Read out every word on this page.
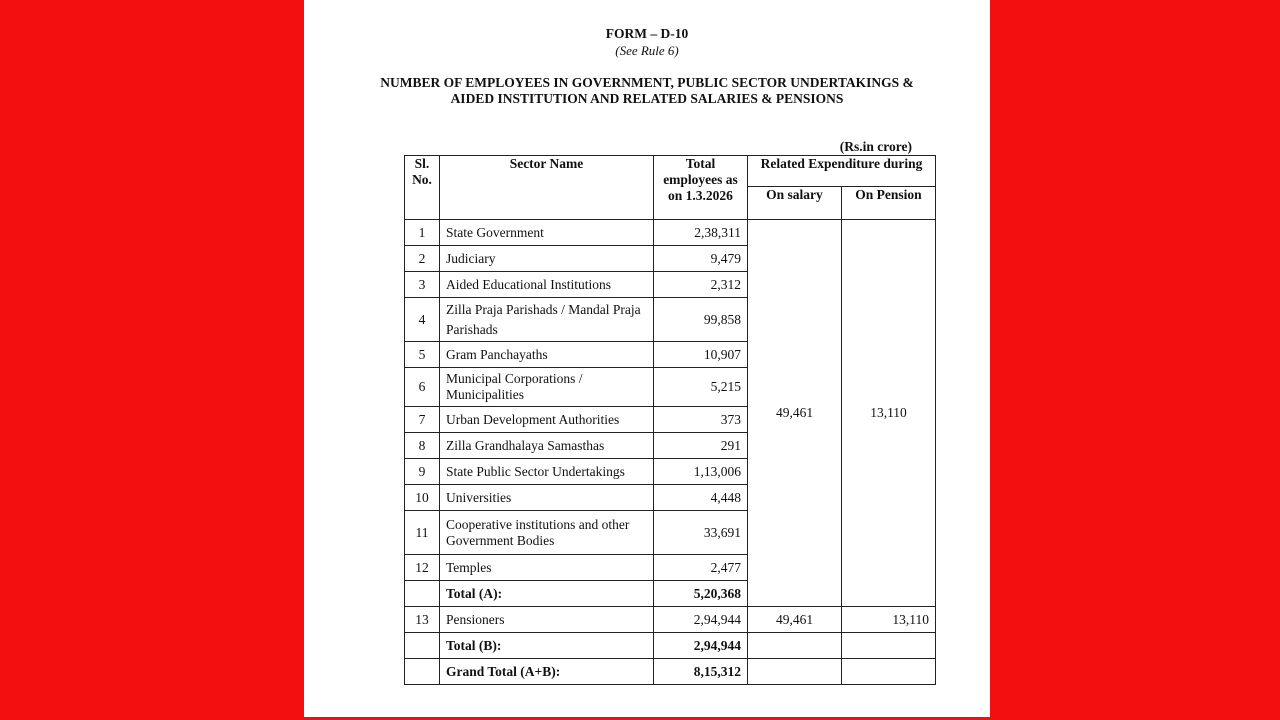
FORM – D-10
(See Rule 6)
NUMBER OF EMPLOYEES IN GOVERNMENT, PUBLIC SECTOR UNDERTAKINGS & AIDED INSTITUTION AND RELATED SALARIES & PENSIONS
(Rs.in crore)
Sl. No.	Sector Name	Total employees as on 1.3.2026	Related Expenditure during	
			On salary	On Pension
1	State Government	2,38,311	49,461	13,110
2	Judiciary	9,479		
3	Aided Educational Institutions	2,312		
4	Zilla Praja Parishads / Mandal Praja Parishads	99,858		
5	Gram Panchayaths	10,907		
6	Municipal Corporations / Municipalities	5,215		
7	Urban Development Authorities	373		
8	Zilla Grandhalaya Samasthas	291		
9	State Public Sector Undertakings	1,13,006		
10	Universities	4,448		
11	Cooperative institutions and other Government Bodies	33,691		
12	Temples	2,477		
	Total (A):	5,20,368		
13	Pensioners	2,94,944	49,461	13,110
	Total (B):	2,94,944		
	Grand Total (A+B):	8,15,312		
